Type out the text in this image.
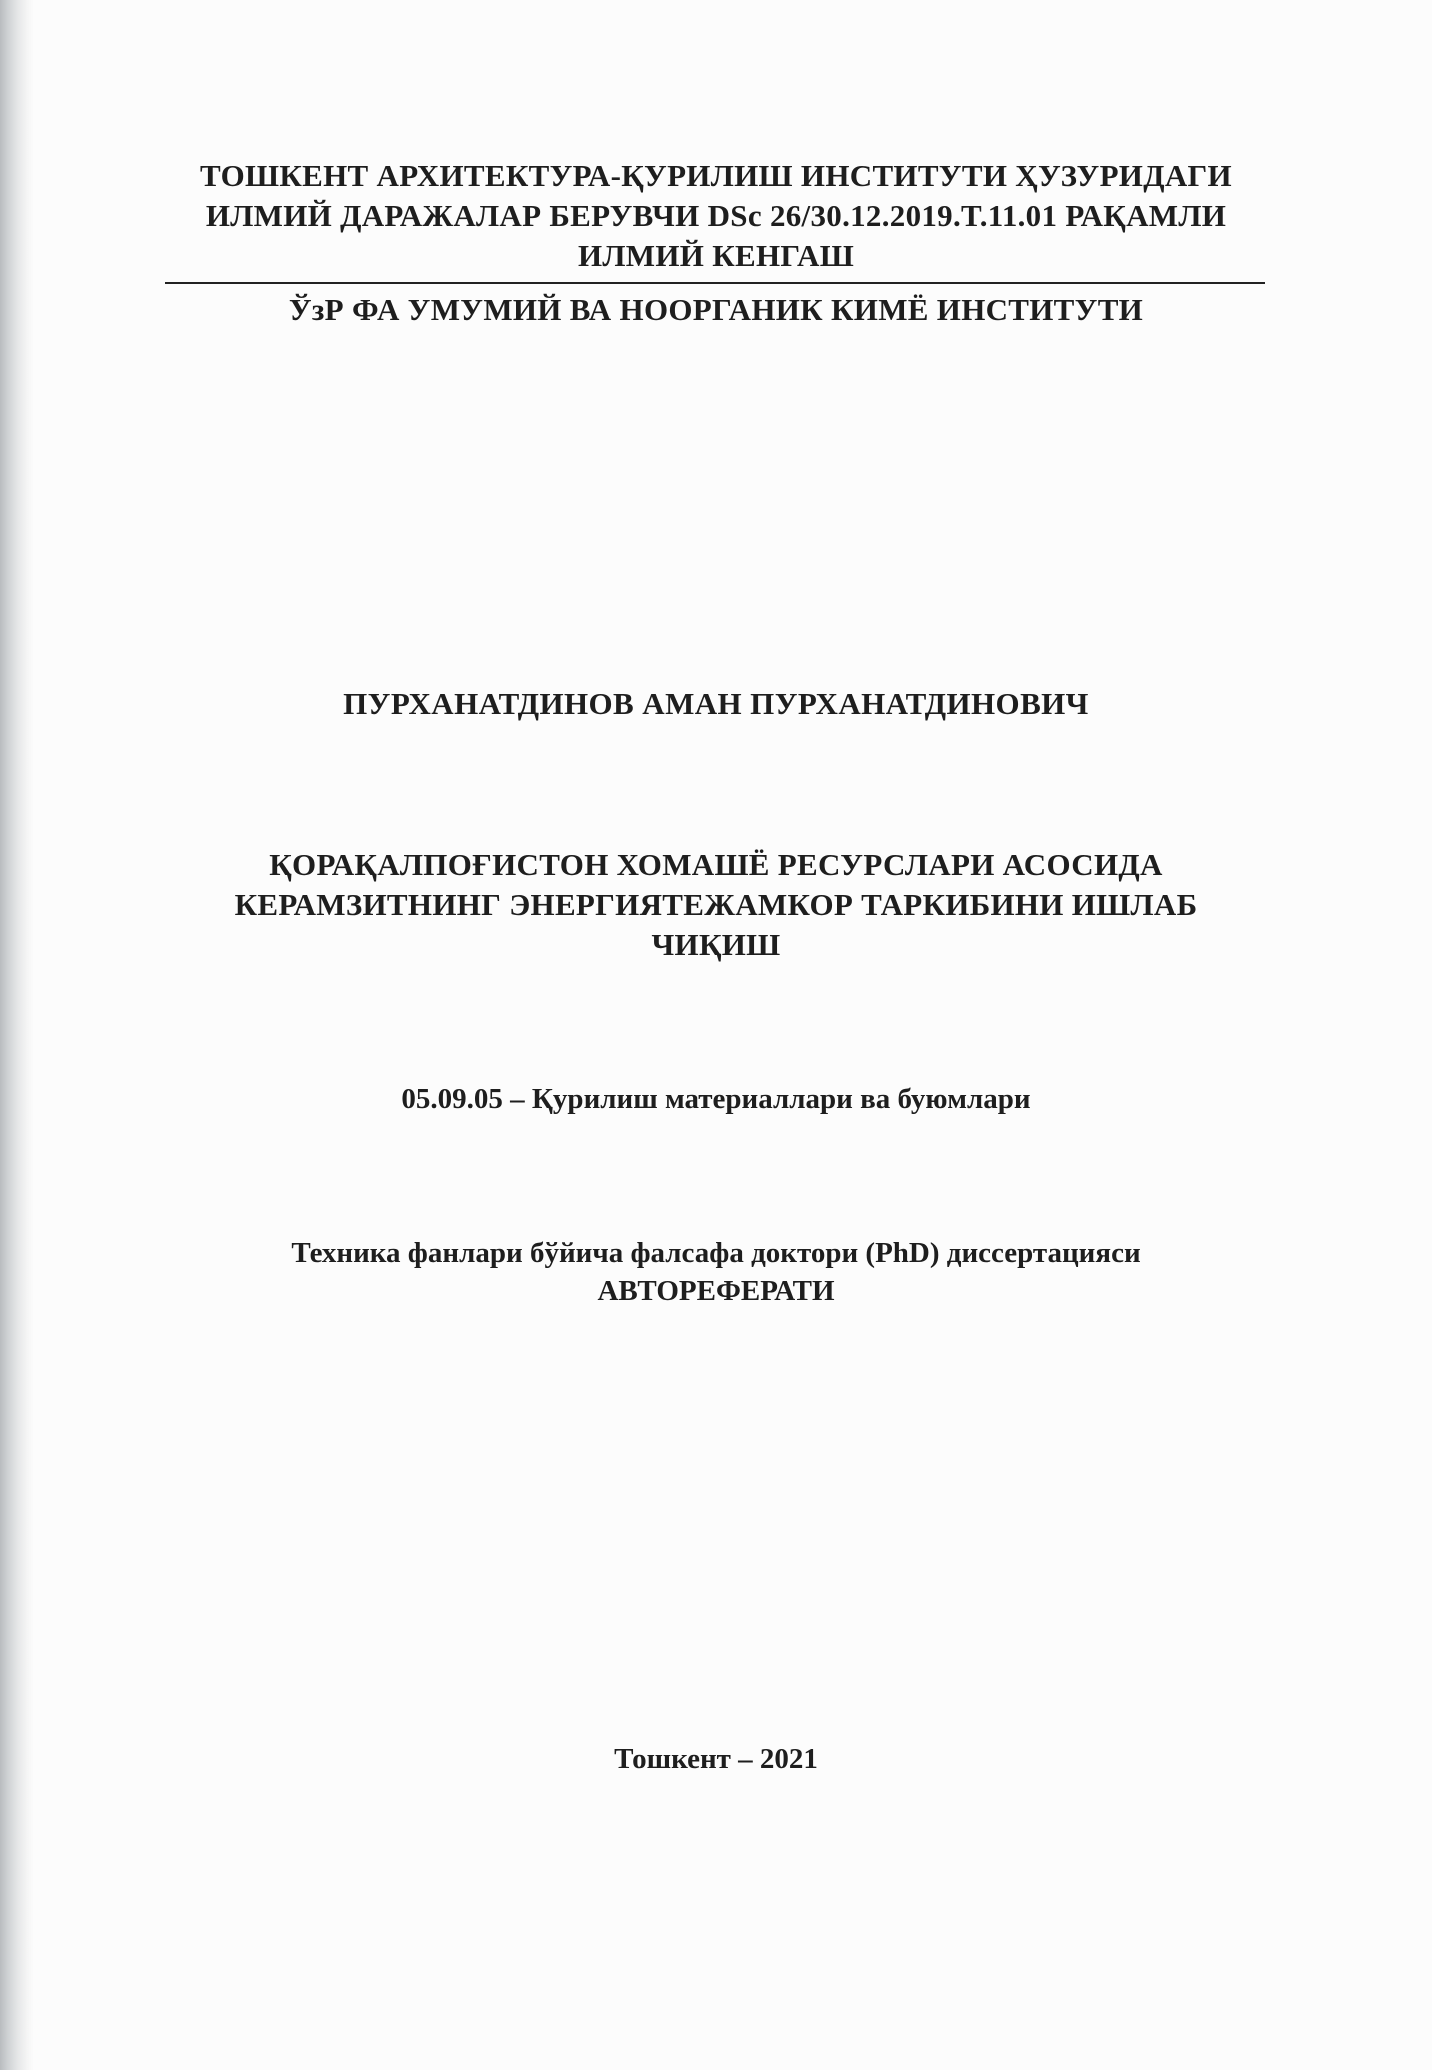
ТОШКЕНТ АРХИТЕКТУРА-ҚУРИЛИШ ИНСТИТУТИ ҲУЗУРИДАГИ
ИЛМИЙ ДАРАЖАЛАР БЕРУВЧИ DSc 26/30.12.2019.T.11.01 РАҚАМЛИ
ИЛМИЙ КЕНГАШ

ЎзР ФА УМУМИЙ ВА НООРГАНИК КИМЁ ИНСТИТУТИ

ПУРХАНАТДИНОВ АМАН ПУРХАНАТДИНОВИЧ

ҚОРАҚАЛПОҒИСТОН ХОМАШЁ РЕСУРСЛАРИ АСОСИДА
КЕРАМЗИТНИНГ ЭНЕРГИЯТЕЖАМКОР ТАРКИБИНИ ИШЛАБ
ЧИҚИШ

05.09.05 – Қурилиш материаллари ва буюмлари

Техника фанлари бўйича фалсафа доктори (PhD) диссертацияси
АВТОРЕФЕРАТИ

Тошкент – 2021
